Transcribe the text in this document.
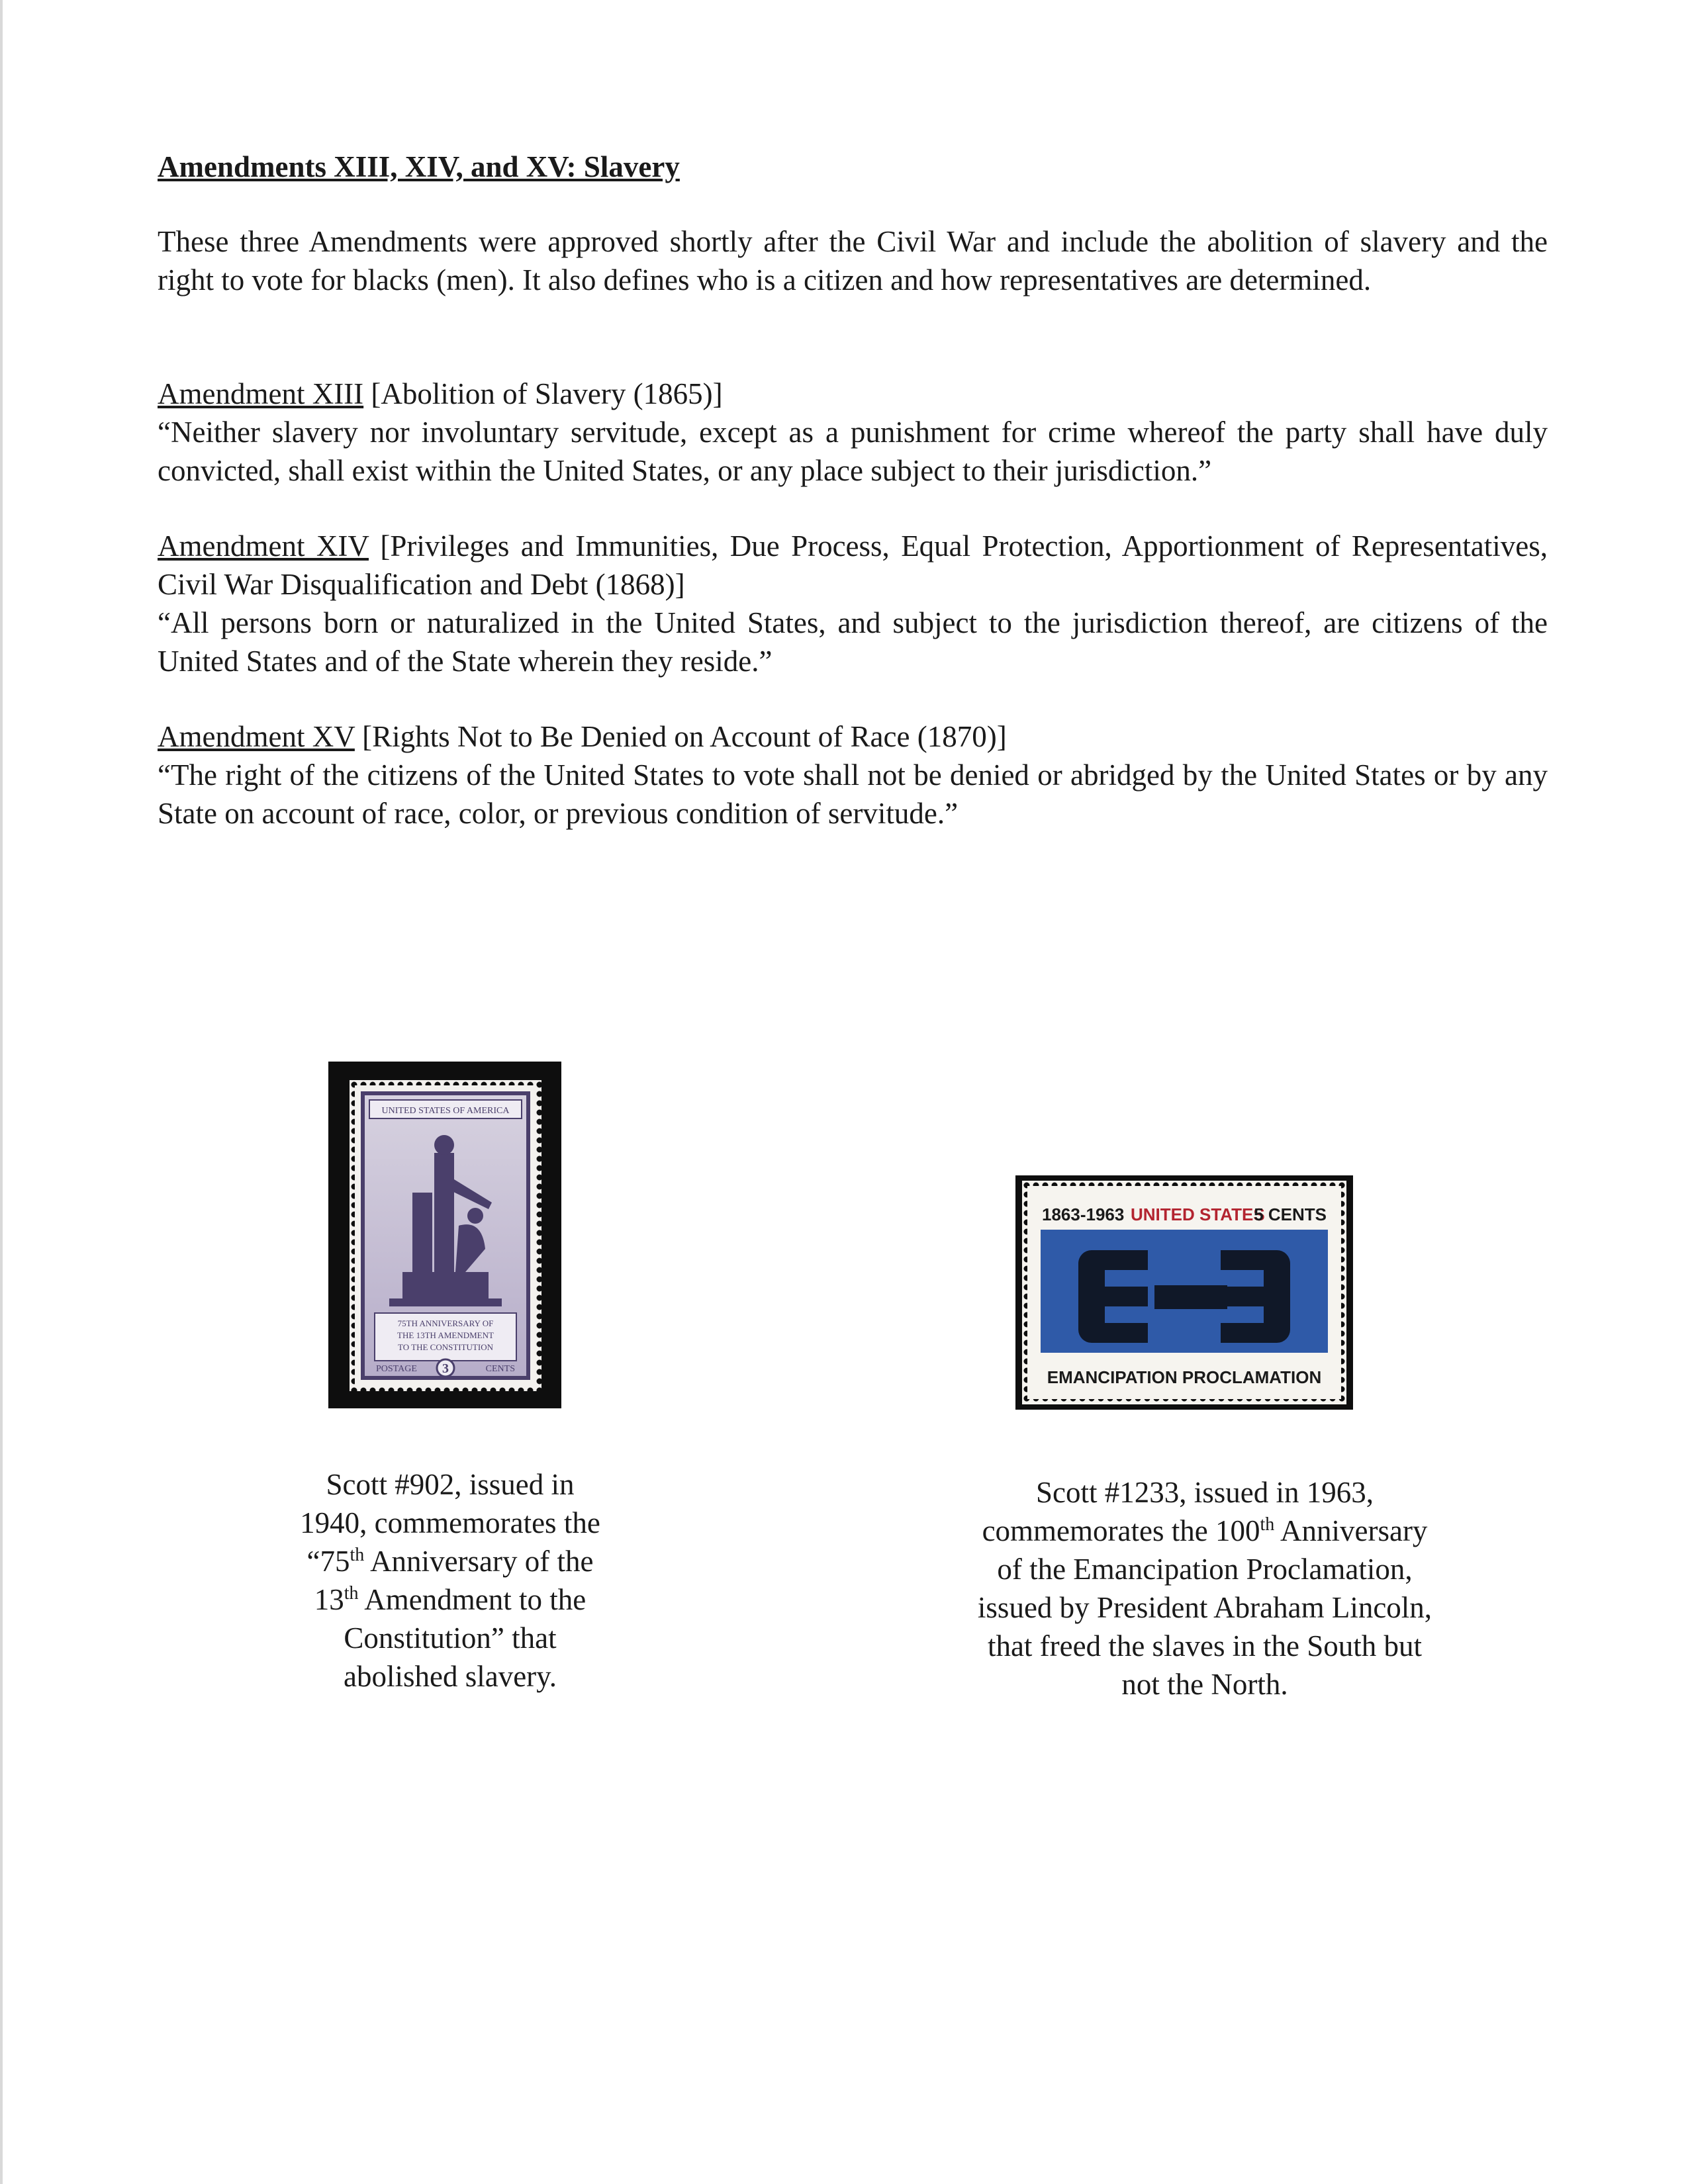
Amendments XIII, XIV, and XV: Slavery

These three Amendments were approved shortly after the Civil War and include the abolition of slavery and the right to vote for blacks (men). It also defines who is a citizen and how representatives are determined.

Amendment XIII [Abolition of Slavery (1865)]

“Neither slavery nor involuntary servitude, except as a punishment for crime whereof the party shall have duly convicted, shall exist within the United States, or any place subject to their jurisdiction.”

Amendment XIV [Privileges and Immunities, Due Process, Equal Protection, Apportionment of Representatives, Civil War Disqualification and Debt (1868)]

“All persons born or naturalized in the United States, and subject to the jurisdiction thereof, are citizens of the United States and of the State wherein they reside.”

Amendment XV [Rights Not to Be Denied on Account of Race (1870)]

“The right of the citizens of the United States to vote shall not be denied or abridged by the United States or by any State on account of race, color, or previous condition of servitude.”

UNITED STATES OF AMERICA
75TH ANNIVERSARY OF
THE 13TH AMENDMENT
TO THE CONSTITUTION
POSTAGE 3	CENTS
1863-1963 UNITED STATES
5 CENTS
EMANCIPATION PROCLAMATION
Scott #902, issued in
1940, commemorates the
“75th Anniversary of the
13th Amendment to the
Constitution” that
abolished slavery.
Scott #1233, issued in 1963,
commemorates the 100th Anniversary
of the Emancipation Proclamation,
issued by President Abraham Lincoln,
that freed the slaves in the South but
not the North.
